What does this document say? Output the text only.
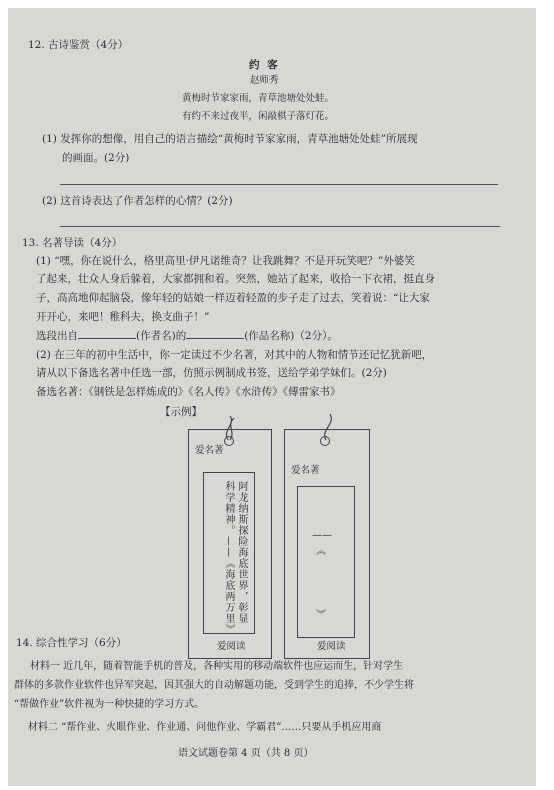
12. 古诗鉴赏（4分）
约 客
赵师秀
黄梅时节家家雨，青草池塘处处蛙。
有约不来过夜半，闲敲棋子落灯花。
(1) 发挥你的想像，用自己的语言描绘“黄梅时节家家雨，青草池塘处处蛙”所展现
的画面。(2分)
(2) 这首诗表达了作者怎样的心情？(2分)
13. 名著导读（4分）
(1) “嘿，你在说什么，格里高里·伊凡诺维奇？让我跳舞？不是开玩笑吧？”外婆笑
了起来，壮众人身后躲着，大家都拥和着。突然，她站了起来，收拾一下衣裙，挺直身
子，高高地仰起脑袋，像年轻的姑娘一样迈着轻盈的步子走了过去，笑着说：“让大家
开开心，来吧！稚科夫，换支曲子！”
选段出自	(作者名)的	(作品名称)（2分）。
(2) 在三年的初中生活中，你一定读过不少名著，对其中的人物和情节还记忆犹新吧，
请从以下备选名著中任选一部，仿照示例制成书签，送给学弟学妹们。(2分)
备选名著：《钢铁是怎样炼成的》《名人传》《水浒传》《傅雷家书》
【示例】
爱名著
阿龙纳斯探险海底世界，彰显科学精神。——《海底两万里》
爱阅读
爱名著
——
︽
︾
爱阅读
14. 综合性学习（6分）
材料一 近几年，随着智能手机的普及，各种实用的移动端软件也应运而生，针对学生
群体的多款作业软件也异军突起，因其强大的自动解题功能，受到学生的追捧，不少学生将
“帮做作业”软件视为一种快捷的学习方式。
材料二 “帮作业、火眼作业、作业通、问他作业、学霸君”……只要从手机应用商
语文试题卷第 4 页（共 8 页）
